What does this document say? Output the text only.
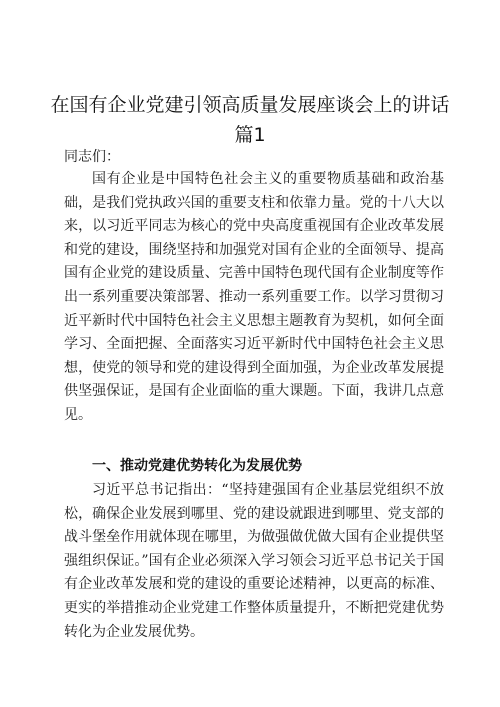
在国有企业党建引领高质量发展座谈会上的讲话篇1

同志们：

国有企业是中国特色社会主义的重要物质基础和政治基础，是我们党执政兴国的重要支柱和依靠力量。党的十八大以来，以习近平同志为核心的党中央高度重视国有企业改革发展和党的建设，围绕坚持和加强党对国有企业的全面领导、提高国有企业党的建设质量、完善中国特色现代国有企业制度等作出一系列重要决策部署、推动一系列重要工作。以学习贯彻习近平新时代中国特色社会主义思想主题教育为契机，如何全面学习、全面把握、全面落实习近平新时代中国特色社会主义思想，使党的领导和党的建设得到全面加强，为企业改革发展提供坚强保证，是国有企业面临的重大课题。下面，我讲几点意见。

一、推动党建优势转化为发展优势

习近平总书记指出：“坚持建强国有企业基层党组织不放松，确保企业发展到哪里、党的建设就跟进到哪里、党支部的战斗堡垒作用就体现在哪里，为做强做优做大国有企业提供坚强组织保证。”国有企业必须深入学习领会习近平总书记关于国有企业改革发展和党的建设的重要论述精神，以更高的标准、更实的举措推动企业党建工作整体质量提升，不断把党建优势转化为企业发展优势。
